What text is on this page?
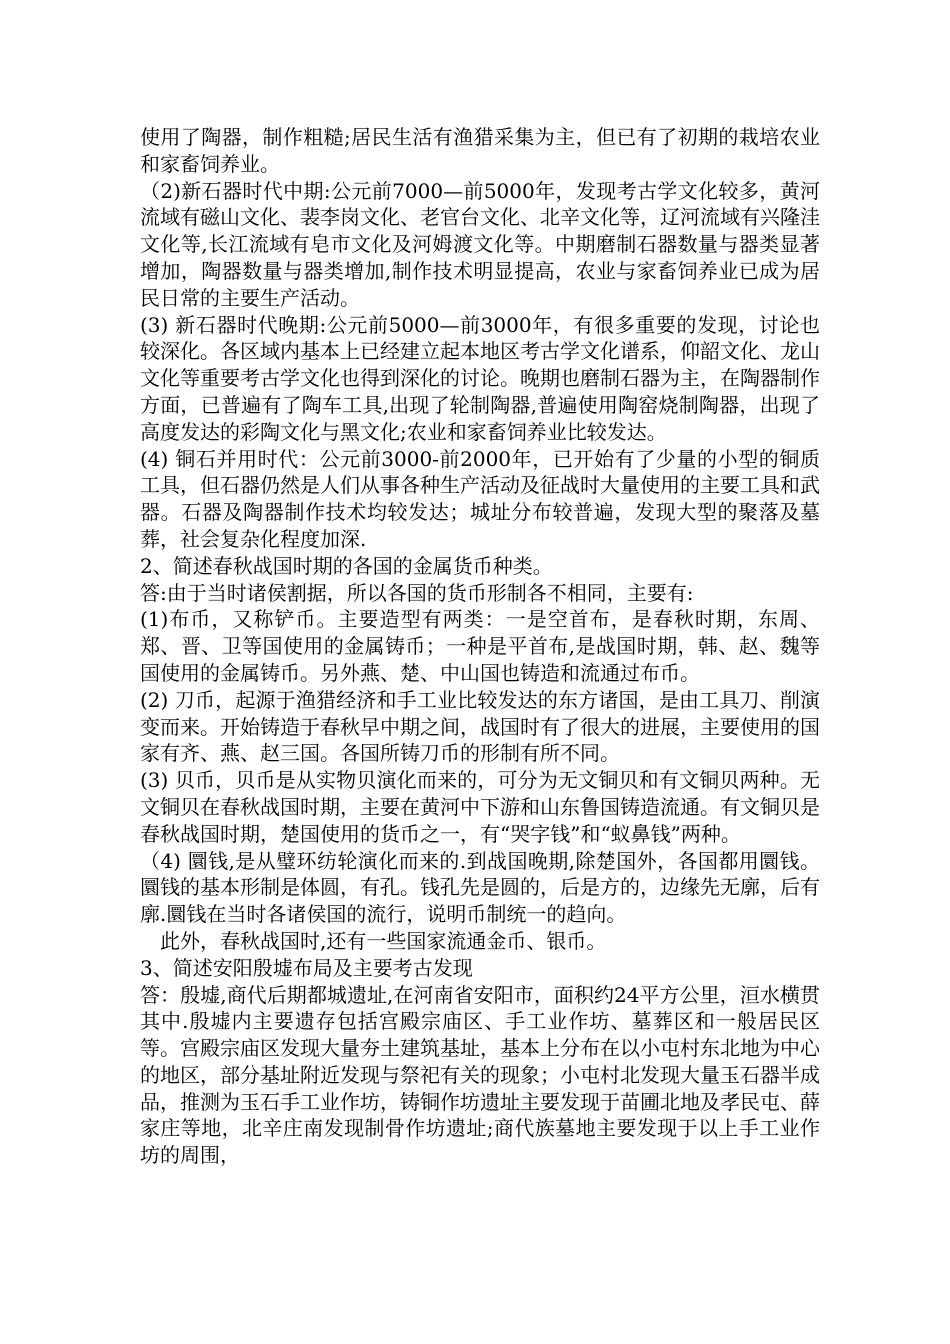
使用了陶器，制作粗糙;居民生活有渔猎采集为主，但已有了初期的栽培农业和家畜饲养业。

（2)新石器时代中期:公元前7000—前5000年，发现考古学文化较多，黄河流域有磁山文化、裴李岗文化、老官台文化、北辛文化等，辽河流域有兴隆洼文化等,长江流域有皂市文化及河姆渡文化等。中期磨制石器数量与器类显著增加，陶器数量与器类增加,制作技术明显提高，农业与家畜饲养业已成为居民日常的主要生产活动。

(3) 新石器时代晚期:公元前5000—前3000年，有很多重要的发现，讨论也较深化。各区域内基本上已经建立起本地区考古学文化谱系，仰韶文化、龙山文化等重要考古学文化也得到深化的讨论。晚期也磨制石器为主，在陶器制作方面，已普遍有了陶车工具,出现了轮制陶器,普遍使用陶窑烧制陶器，出现了高度发达的彩陶文化与黑文化;农业和家畜饲养业比较发达。

(4) 铜石并用时代：公元前3000-前2000年，已开始有了少量的小型的铜质工具，但石器仍然是人们从事各种生产活动及征战时大量使用的主要工具和武器。石器及陶器制作技术均较发达；城址分布较普遍，发现大型的聚落及墓葬，社会复杂化程度加深.

2、简述春秋战国时期的各国的金属货币种类。

答:由于当时诸侯割据，所以各国的货币形制各不相同，主要有:

(1)布币，又称铲币。主要造型有两类：一是空首布，是春秋时期，东周、郑、晋、卫等国使用的金属铸币；一种是平首布,是战国时期，韩、赵、魏等国使用的金属铸币。另外燕、楚、中山国也铸造和流通过布币。

(2) 刀币，起源于渔猎经济和手工业比较发达的东方诸国，是由工具刀、削演变而来。开始铸造于春秋早中期之间，战国时有了很大的进展，主要使用的国家有齐、燕、赵三国。各国所铸刀币的形制有所不同。

(3) 贝币，贝币是从实物贝演化而来的，可分为无文铜贝和有文铜贝两种。无文铜贝在春秋战国时期，主要在黄河中下游和山东鲁国铸造流通。有文铜贝是春秋战国时期，楚国使用的货币之一，有“哭字钱”和“蚁鼻钱”两种。

（4) 圜钱,是从璧环纺轮演化而来的.到战国晚期,除楚国外，各国都用圜钱。圜钱的基本形制是体圆，有孔。钱孔先是圆的，后是方的，边缘先无廓，后有廓.圜钱在当时各诸侯国的流行，说明币制统一的趋向。

此外，春秋战国时,还有一些国家流通金币、银币。

3、简述安阳殷墟布局及主要考古发现

答：殷墟,商代后期都城遗址,在河南省安阳市，面积约24平方公里，洹水横贯其中.殷墟内主要遗存包括宫殿宗庙区、手工业作坊、墓葬区和一般居民区等。宫殿宗庙区发现大量夯土建筑基址，基本上分布在以小屯村东北地为中心的地区，部分基址附近发现与祭祀有关的现象；小屯村北发现大量玉石器半成品，推测为玉石手工业作坊，铸铜作坊遗址主要发现于苗圃北地及孝民屯、薛家庄等地，北辛庄南发现制骨作坊遗址;商代族墓地主要发现于以上手工业作坊的周围，
